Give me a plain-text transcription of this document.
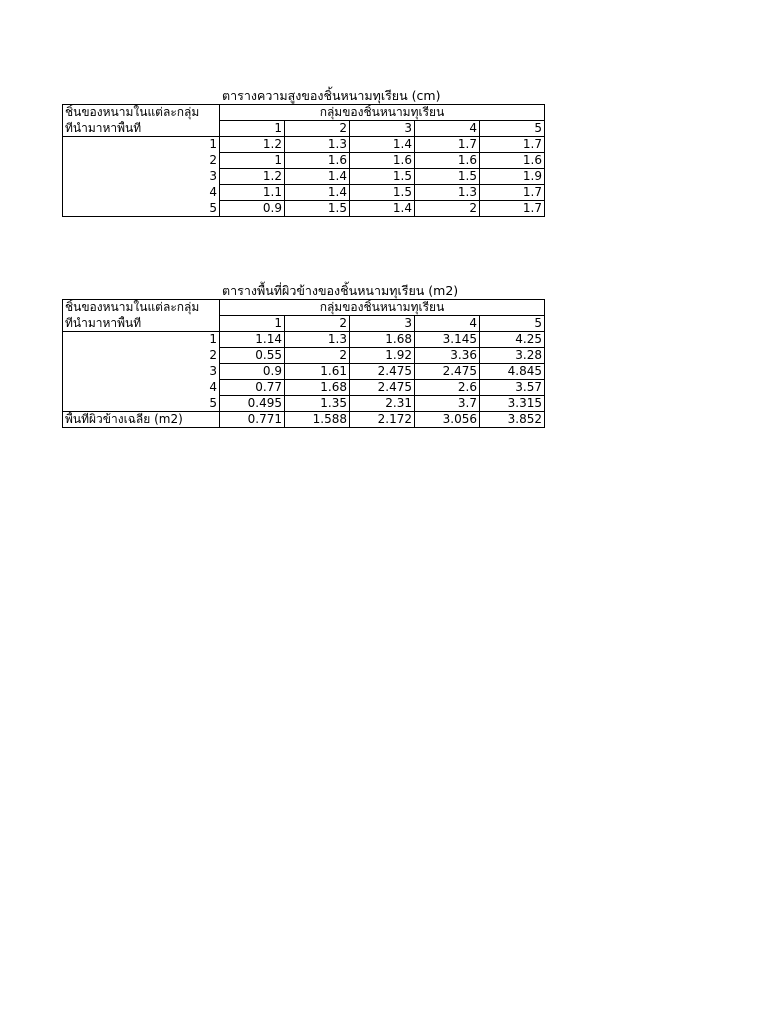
ตารางความสูงของชิ้นหนามทุเรียน (cm)
ชิ้นของหนามในแต่ละกลุ่ม	กลุ่มของชิ้นหนามทุเรียน				
ที่นำมาหาพื้นที่	1	2	3	4	5
1	1.2	1.3	1.4	1.7	1.7
2	1	1.6	1.6	1.6	1.6
3	1.2	1.4	1.5	1.5	1.9
4	1.1	1.4	1.5	1.3	1.7
5	0.9	1.5	1.4	2	1.7
ตารางพื้นที่ผิวข้างของชิ้นหนามทุเรียน (m2)
ชิ้นของหนามในแต่ละกลุ่ม	กลุ่มของชิ้นหนามทุเรียน				
ที่นำมาหาพื้นที่	1	2	3	4	5
1	1.14	1.3	1.68	3.145	4.25
2	0.55	2	1.92	3.36	3.28
3	0.9	1.61	2.475	2.475	4.845
4	0.77	1.68	2.475	2.6	3.57
5	0.495	1.35	2.31	3.7	3.315
พื้นที่ผิวข้างเฉลี่ย (m2)	0.771	1.588	2.172	3.056	3.852
